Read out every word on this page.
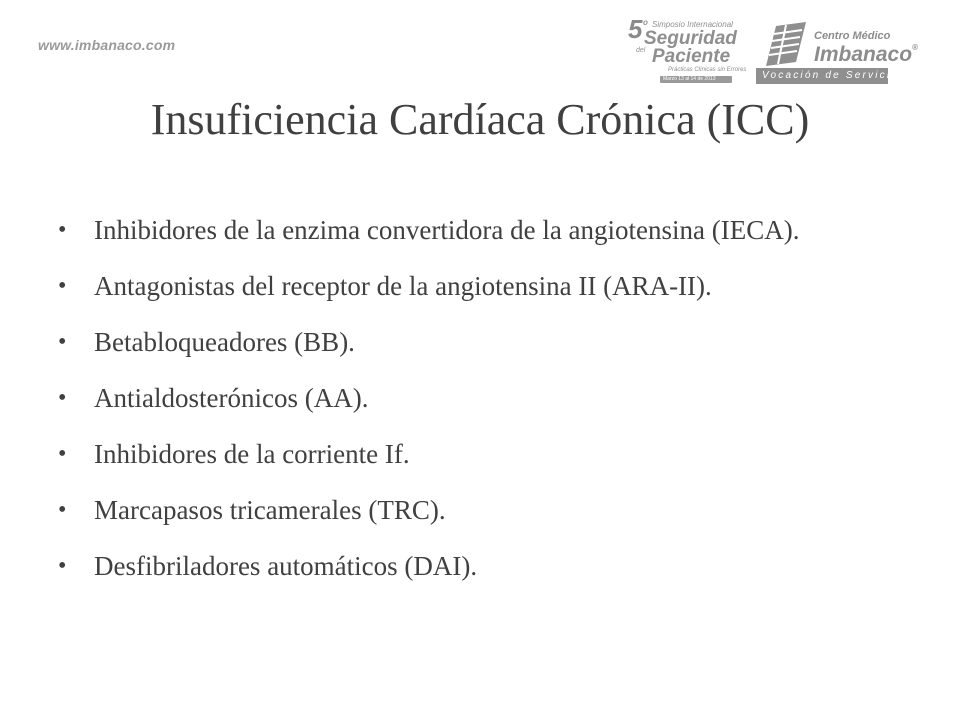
www.imbanaco.com
5 o Simposio Internacional
Seguridad
del Paciente
Prácticas Clínicas sin Errores
Marzo 13 al 14 de 2013
Centro Médico
Imbanaco®
Vocación de Servicio
Insuficiencia Cardíaca Crónica (ICC)
• Inhibidores de la enzima convertidora de la angiotensina (IECA).
• Antagonistas del receptor de la angiotensina II (ARA-II).
• Betabloqueadores (BB).
• Antialdosterónicos (AA).
• Inhibidores de la corriente If.
• Marcapasos tricamerales (TRC).
• Desfibriladores automáticos (DAI).
